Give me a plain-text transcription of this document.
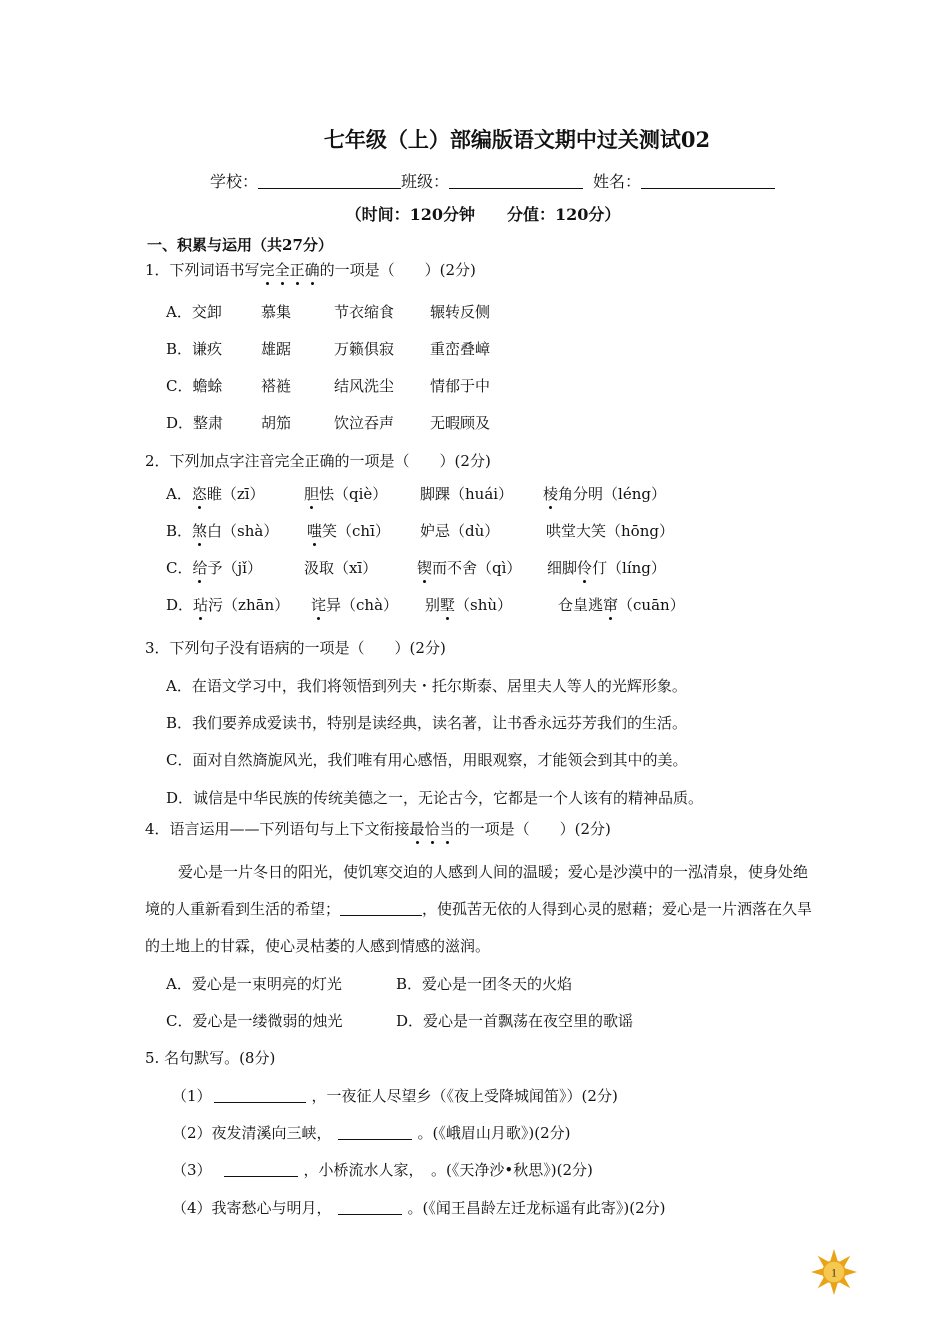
七年级（上）部编版语文期中过关测试02
学校：	班级：	姓名：
（时间：120分钟　　分值：120分）
一、积累与运用（共27分）
1．下列词语书写完全正确的一项是（　　）(2分)
A．交卸	慕集	节衣缩食 辗转反侧
B．谦疚	雄踞	万籁俱寂 重峦叠嶂
C．蟾蜍	褡裢	结风洗尘 情郁于中
D．整肃	胡笳	饮泣吞声 无暇顾及
2．下列加点字注音完全正确的一项是（　　）(2分)
A．恣睢（zī）	胆怯（qiè） 脚踝（huái） 棱角分明（léng）
B．煞白（shà） 嗤笑（chī） 妒忌（dù）	哄堂大笑（hōng）
C．给予（jǐ）	汲取（xī）	锲而不舍（qì） 细脚伶仃（líng）
D．玷污（zhān） 诧异（chà） 别墅（shù）	仓皇逃窜（cuān）
3．下列句子没有语病的一项是（　　）(2分)
A．在语文学习中，我们将领悟到列夫・托尔斯泰、居里夫人等人的光辉形象。
B．我们要养成爱读书，特别是读经典，读名著，让书香永远芬芳我们的生活。
C．面对自然旖旎风光，我们唯有用心感悟，用眼观察，才能领会到其中的美。
D．诚信是中华民族的传统美德之一，无论古今，它都是一个人该有的精神品质。
4．语言运用——下列语句与上下文衔接最恰当的一项是（　　）(2分)
爱心是一片冬日的阳光，使饥寒交迫的人感到人间的温暖；爱心是沙漠中的一泓清泉，使身处绝境的人重新看到生活的希望；	，使孤苦无依的人得到心灵的慰藉；爱心是一片洒落在久旱的土地上的甘霖，使心灵枯萎的人感到情感的滋润。
A．爱心是一束明亮的灯光	B．爱心是一团冬天的火焰
C．爱心是一缕微弱的烛光	D．爱心是一首飘荡在夜空里的歌谣
5. 名句默写。(8分)
（1）	，一夜征人尽望乡（《夜上受降城闻笛》）(2分)
（2）夜发清溪向三峡，	。(《峨眉山月歌》)(2分)
（3）	，小桥流水人家，　。(《天净沙•秋思》)(2分)
（4）我寄愁心与明月，	。(《闻王昌龄左迁龙标遥有此寄》)(2分)
1
